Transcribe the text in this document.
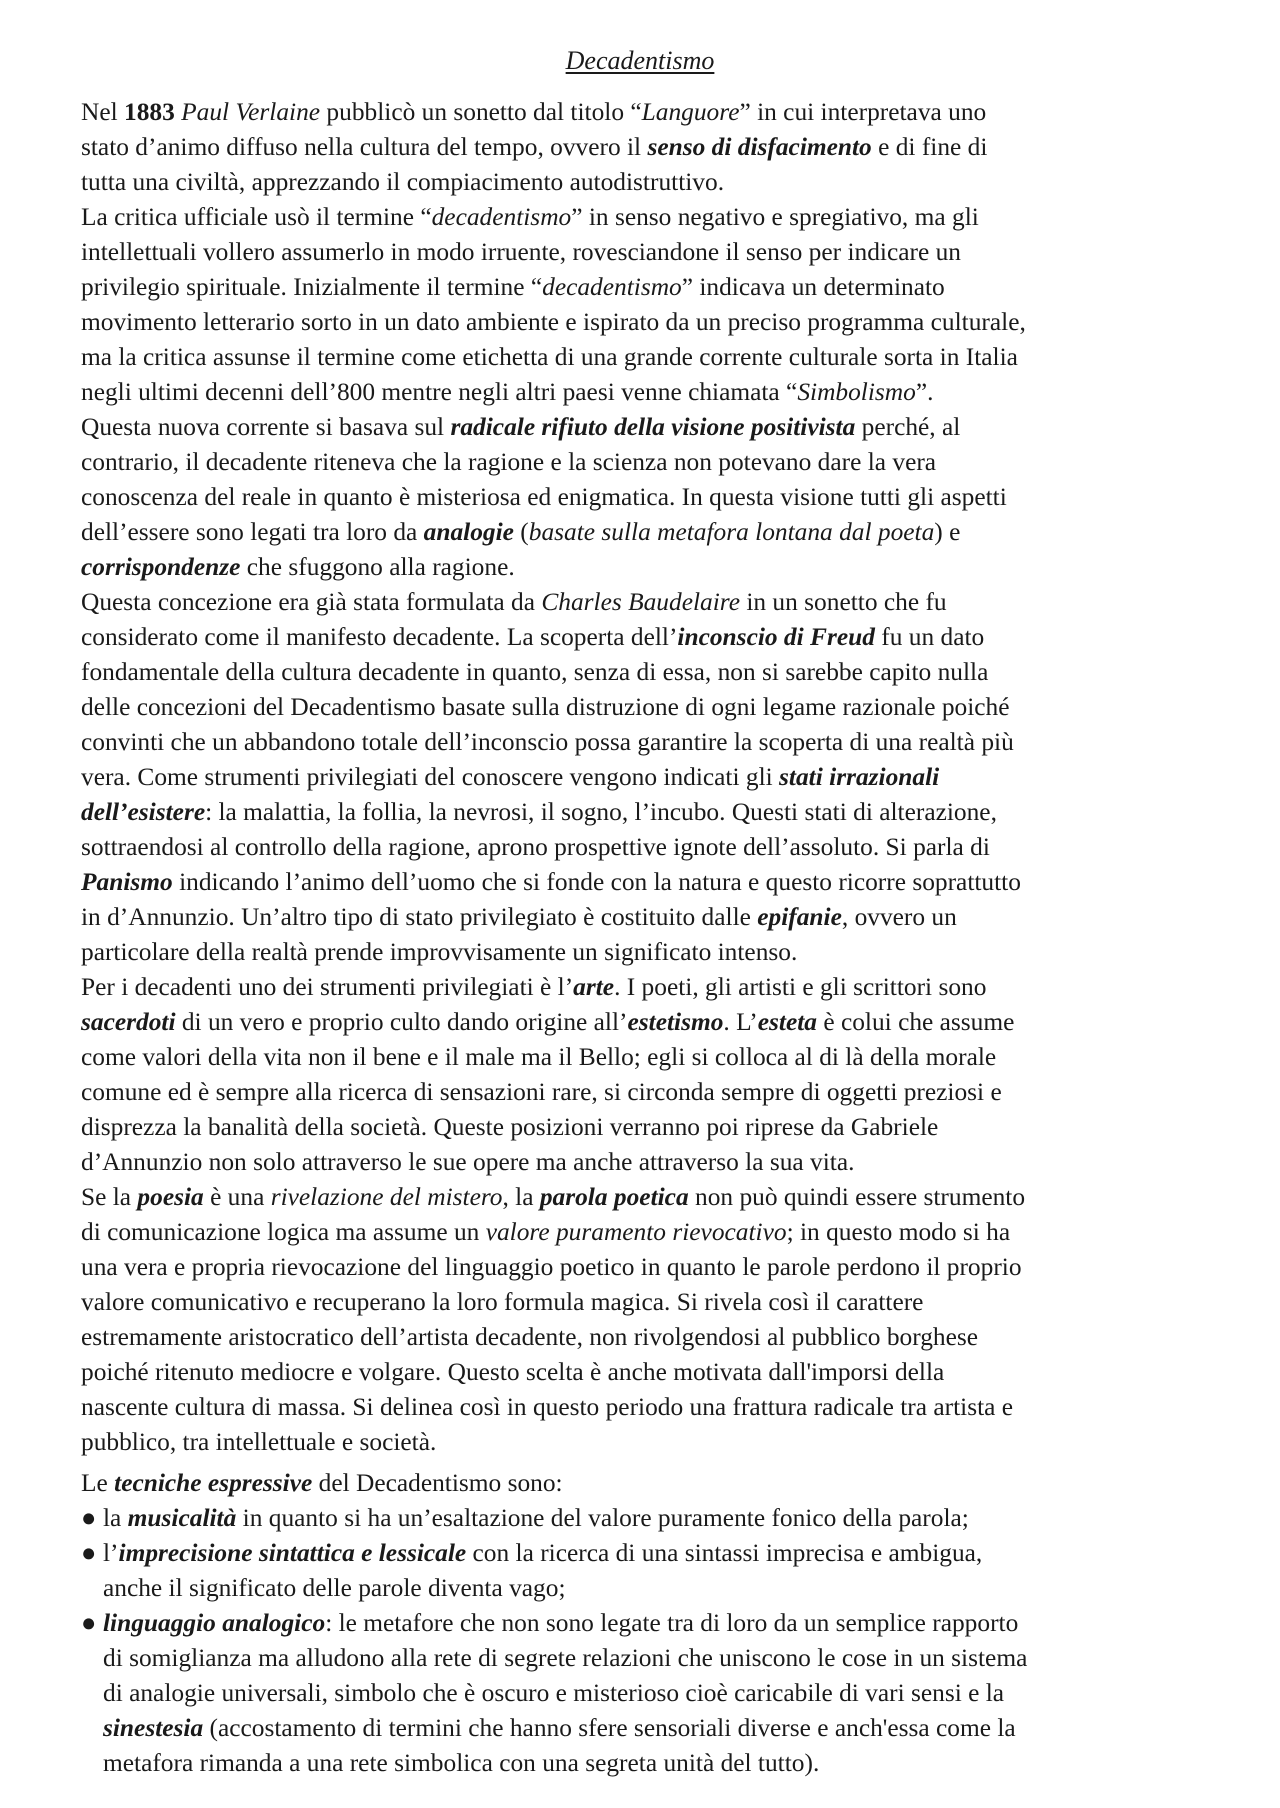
Decadentismo
Nel 1883 Paul Verlaine pubblicò un sonetto dal titolo “Languore” in cui interpretava uno
stato d’animo diffuso nella cultura del tempo, ovvero il senso di disfacimento e di fine di
tutta una civiltà, apprezzando il compiacimento autodistruttivo.
La critica ufficiale usò il termine “decadentismo” in senso negativo e spregiativo, ma gli
intellettuali vollero assumerlo in modo irruente, rovesciandone il senso per indicare un
privilegio spirituale. Inizialmente il termine “decadentismo” indicava un determinato
movimento letterario sorto in un dato ambiente e ispirato da un preciso programma culturale,
ma la critica assunse il termine come etichetta di una grande corrente culturale sorta in Italia
negli ultimi decenni dell’800 mentre negli altri paesi venne chiamata “Simbolismo”.
Questa nuova corrente si basava sul radicale rifiuto della visione positivista perché, al
contrario, il decadente riteneva che la ragione e la scienza non potevano dare la vera
conoscenza del reale in quanto è misteriosa ed enigmatica. In questa visione tutti gli aspetti
dell’essere sono legati tra loro da analogie (basate sulla metafora lontana dal poeta) e
corrispondenze che sfuggono alla ragione.
Questa concezione era già stata formulata da Charles Baudelaire in un sonetto che fu
considerato come il manifesto decadente. La scoperta dell’inconscio di Freud fu un dato
fondamentale della cultura decadente in quanto, senza di essa, non si sarebbe capito nulla
delle concezioni del Decadentismo basate sulla distruzione di ogni legame razionale poiché
convinti che un abbandono totale dell’inconscio possa garantire la scoperta di una realtà più
vera. Come strumenti privilegiati del conoscere vengono indicati gli stati irrazionali
dell’esistere: la malattia, la follia, la nevrosi, il sogno, l’incubo. Questi stati di alterazione,
sottraendosi al controllo della ragione, aprono prospettive ignote dell’assoluto. Si parla di
Panismo indicando l’animo dell’uomo che si fonde con la natura e questo ricorre soprattutto
in d’Annunzio. Un’altro tipo di stato privilegiato è costituito dalle epifanie, ovvero un
particolare della realtà prende improvvisamente un significato intenso.
Per i decadenti uno dei strumenti privilegiati è l’arte. I poeti, gli artisti e gli scrittori sono
sacerdoti di un vero e proprio culto dando origine all’estetismo. L’esteta è colui che assume
come valori della vita non il bene e il male ma il Bello; egli si colloca al di là della morale
comune ed è sempre alla ricerca di sensazioni rare, si circonda sempre di oggetti preziosi e
disprezza la banalità della società. Queste posizioni verranno poi riprese da Gabriele
d’Annunzio non solo attraverso le sue opere ma anche attraverso la sua vita.
Se la poesia è una rivelazione del mistero, la parola poetica non può quindi essere strumento
di comunicazione logica ma assume un valore puramento rievocativo; in questo modo si ha
una vera e propria rievocazione del linguaggio poetico in quanto le parole perdono il proprio
valore comunicativo e recuperano la loro formula magica. Si rivela così il carattere
estremamente aristocratico dell’artista decadente, non rivolgendosi al pubblico borghese
poiché ritenuto mediocre e volgare. Questo scelta è anche motivata dall'imporsi della
nascente cultura di massa. Si delinea così in questo periodo una frattura radicale tra artista e
pubblico, tra intellettuale e società.
Le tecniche espressive del Decadentismo sono:
● la musicalità in quanto si ha un’esaltazione del valore puramente fonico della parola;
● l’imprecisione sintattica e lessicale con la ricerca di una sintassi imprecisa e ambigua,
anche il significato delle parole diventa vago;
● linguaggio analogico: le metafore che non sono legate tra di loro da un semplice rapporto
di somiglianza ma alludono alla rete di segrete relazioni che uniscono le cose in un sistema
di analogie universali, simbolo che è oscuro e misterioso cioè caricabile di vari sensi e la
sinestesia (accostamento di termini che hanno sfere sensoriali diverse e anch'essa come la
metafora rimanda a una rete simbolica con una segreta unità del tutto).
